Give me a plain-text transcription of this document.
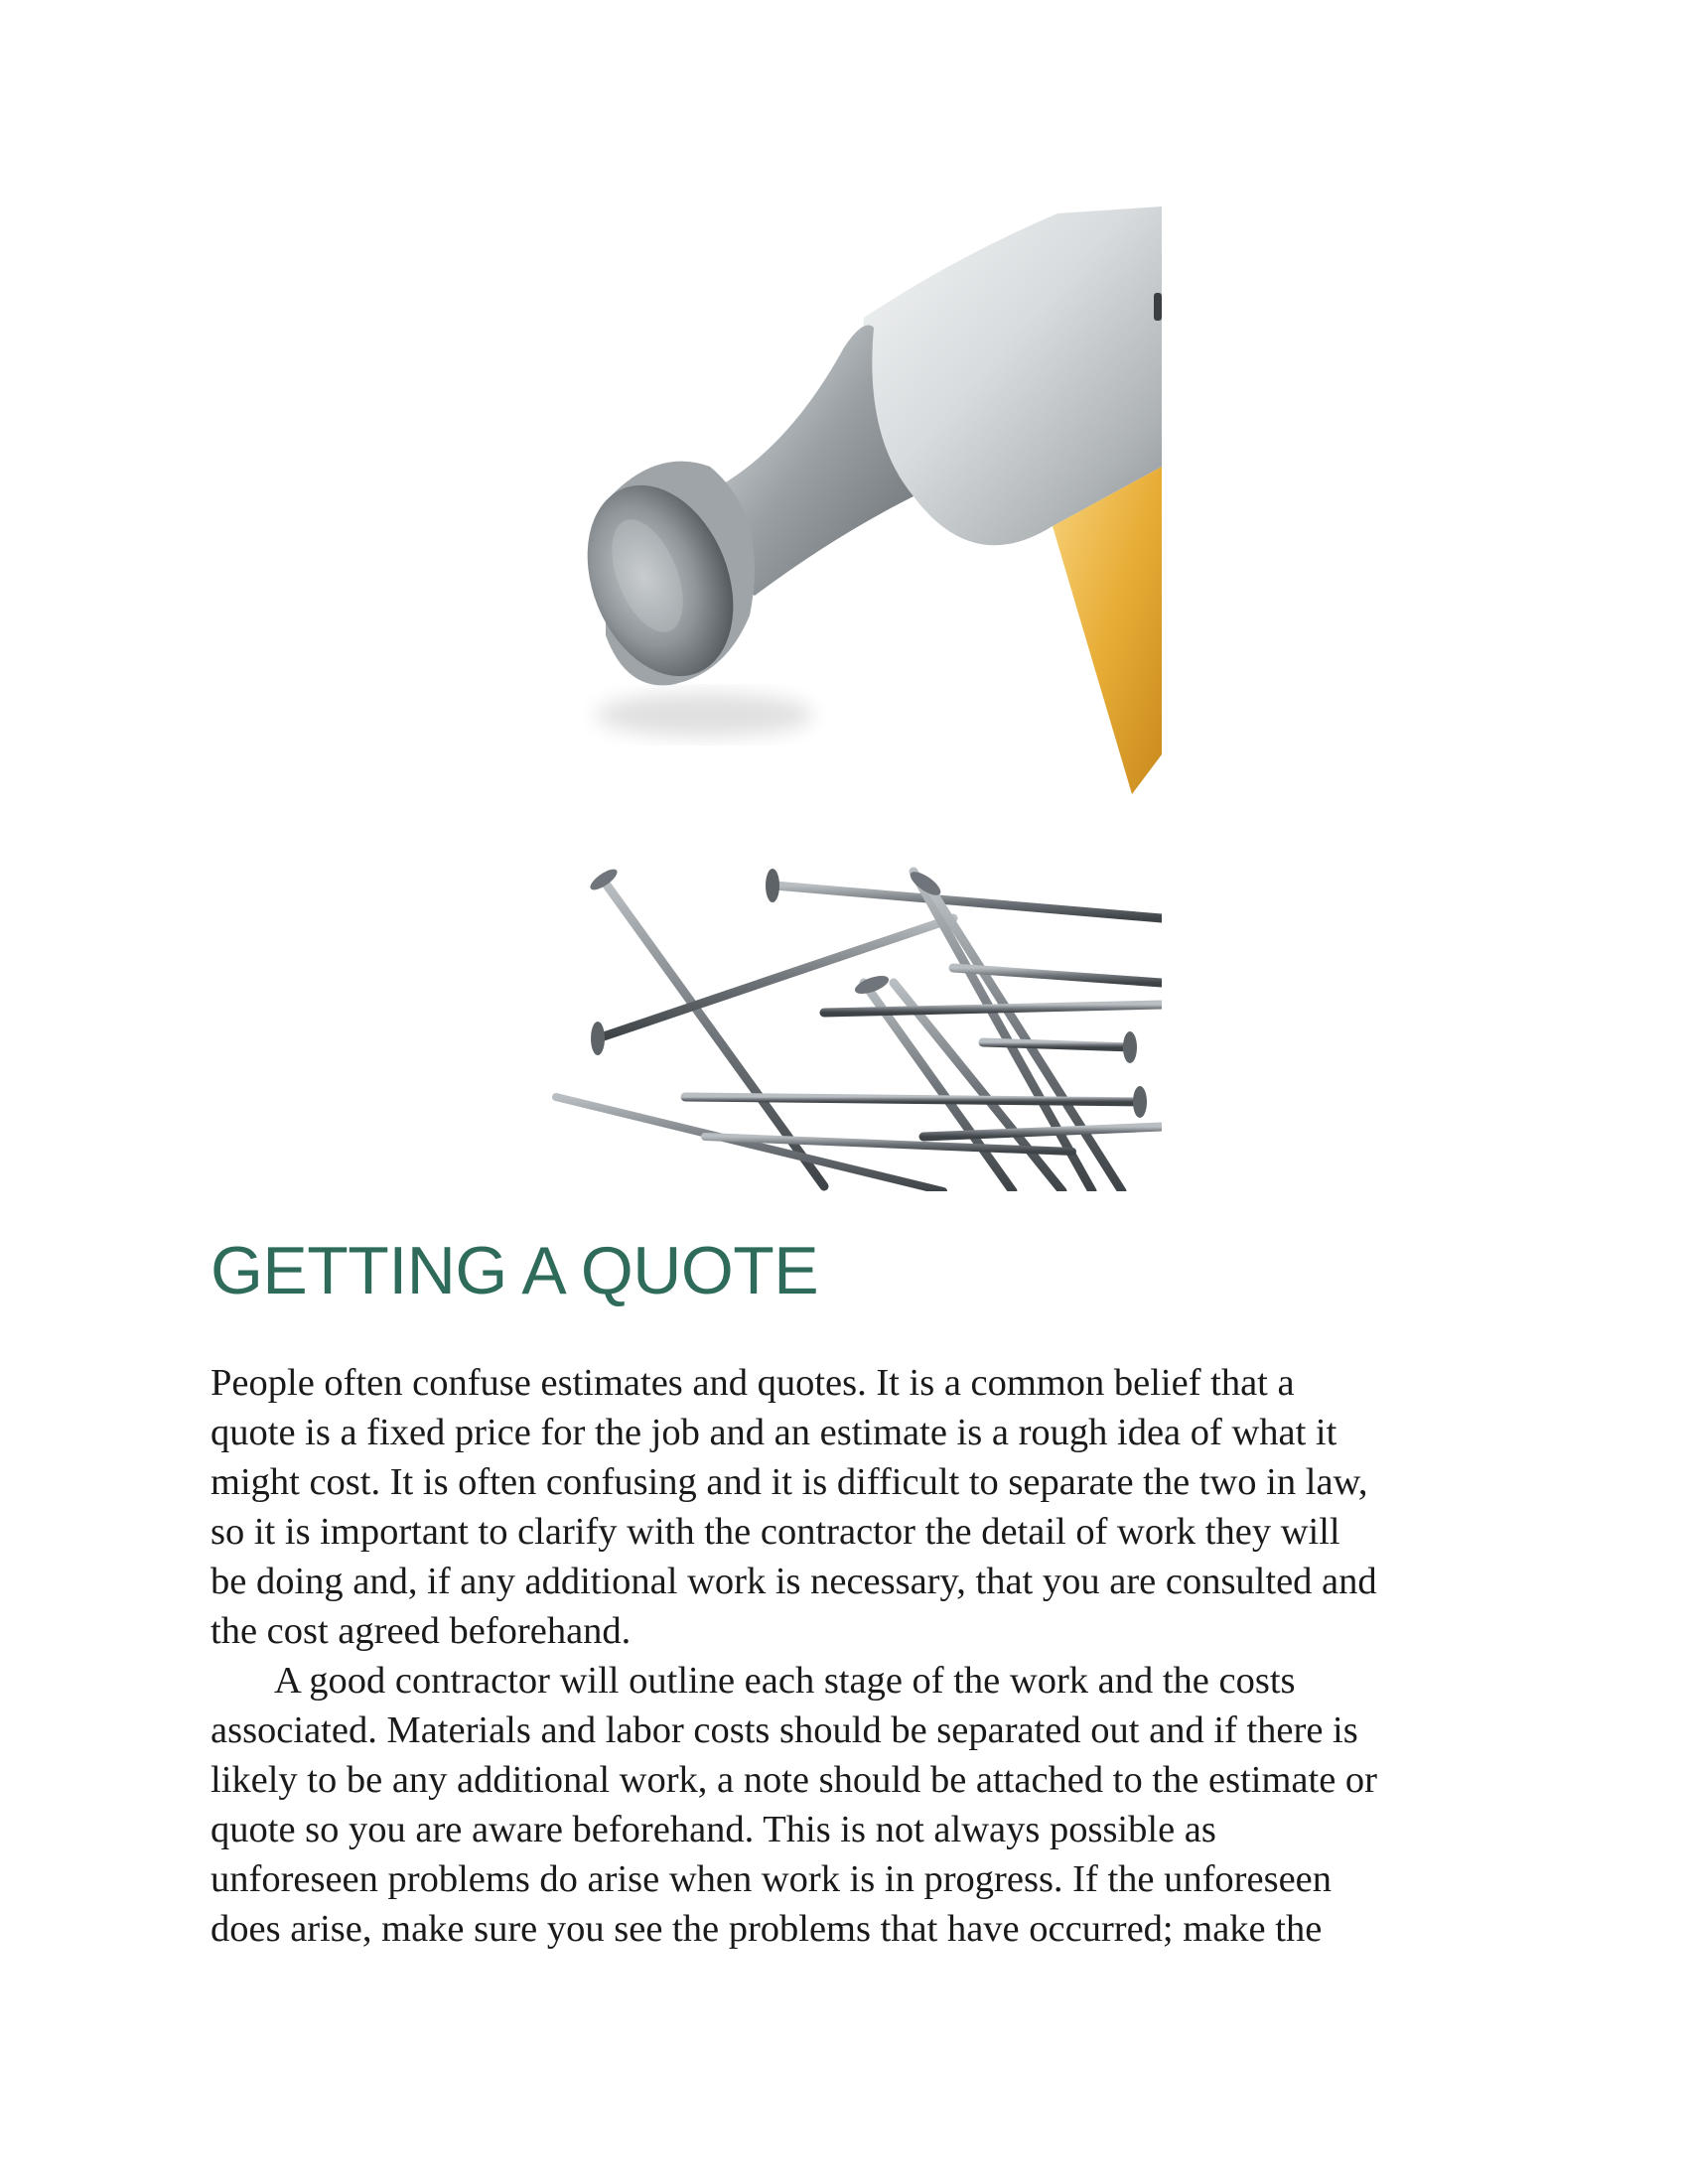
GETTING A QUOTE
People often confuse estimates and quotes. It is a common belief that a
quote is a fixed price for the job and an estimate is a rough idea of what it
might cost. It is often confusing and it is difficult to separate the two in law,
so it is important to clarify with the contractor the detail of work they will
be doing and, if any additional work is necessary, that you are consulted and
the cost agreed beforehand.
A good contractor will outline each stage of the work and the costs
associated. Materials and labor costs should be separated out and if there is
likely to be any additional work, a note should be attached to the estimate or
quote so you are aware beforehand. This is not always possible as
unforeseen problems do arise when work is in progress. If the unforeseen
does arise, make sure you see the problems that have occurred; make the
